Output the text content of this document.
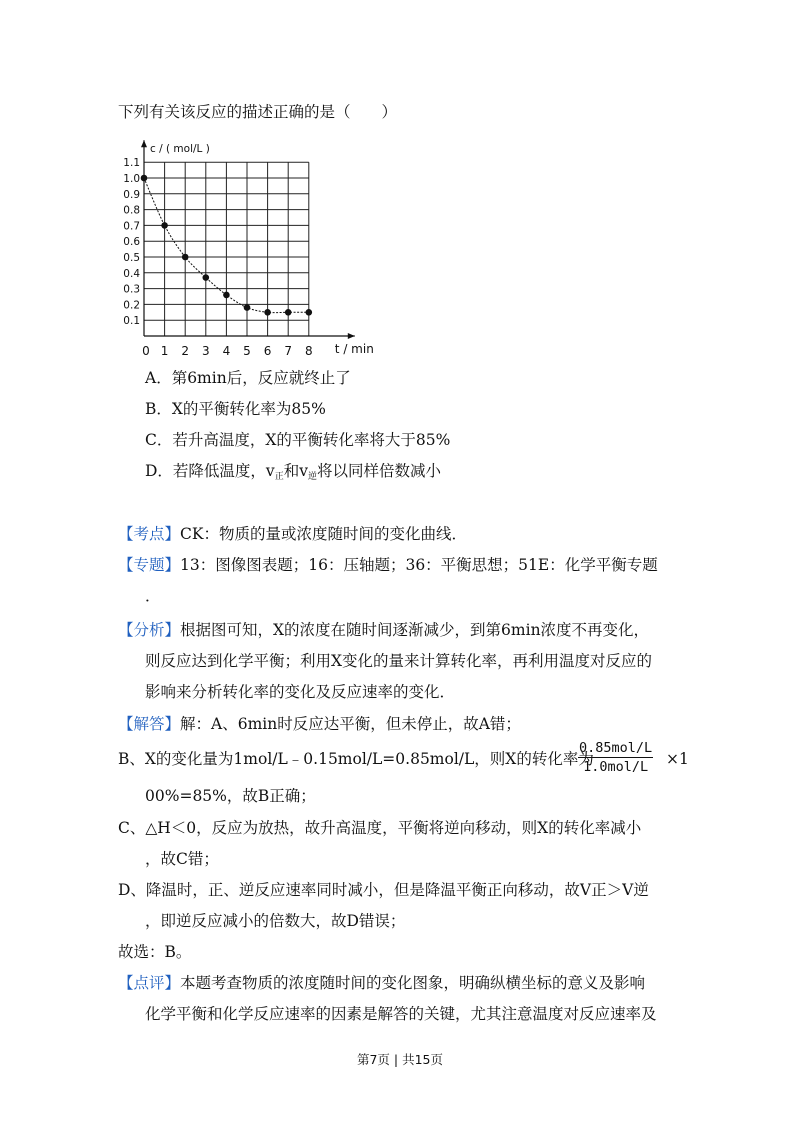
下列有关该反应的描述正确的是（　　）
0.1
0.2
0.3
0.4
0.5
0.6
0.7
0.8
0.9
1.0
1.1
0 1 2 3 4 5 6 7 8
c / ( mol/L )
t / min
A．第6min后，反应就终止了
B．X的平衡转化率为85%
C．若升高温度，X的平衡转化率将大于85%
D．若降低温度，$v_正$和$v_逆$将以同样倍数减小
【考点】CK：物质的量或浓度随时间的变化曲线．
【专题】13：图像图表题；16：压轴题；36：平衡思想；51E：化学平衡专题
．
【分析】根据图可知，X的浓度在随时间逐渐减少，到第6min浓度不再变化，
则反应达到化学平衡；利用X变化的量来计算转化率，再利用温度对反应的
影响来分析转化率的变化及反应速率的变化．
【解答】解：A、6min时反应达平衡，但未停止，故A错；
B、X的变化量为1mol/L﹣0.15mol/L=0.85mol/L，则X的转化率为
0.85mol/L
1.0mol/L	×1
00%=85%，故B正确；
C、△H＜0，反应为放热，故升高温度，平衡将逆向移动，则X的转化率减小
，故C错；
D、降温时，正、逆反应速率同时减小，但是降温平衡正向移动，故V正＞V逆
，即逆反应减小的倍数大，故D错误；
故选：B。
【点评】本题考查物质的浓度随时间的变化图象，明确纵横坐标的意义及影响
化学平衡和化学反应速率的因素是解答的关键，尤其注意温度对反应速率及
第7页 | 共15页
